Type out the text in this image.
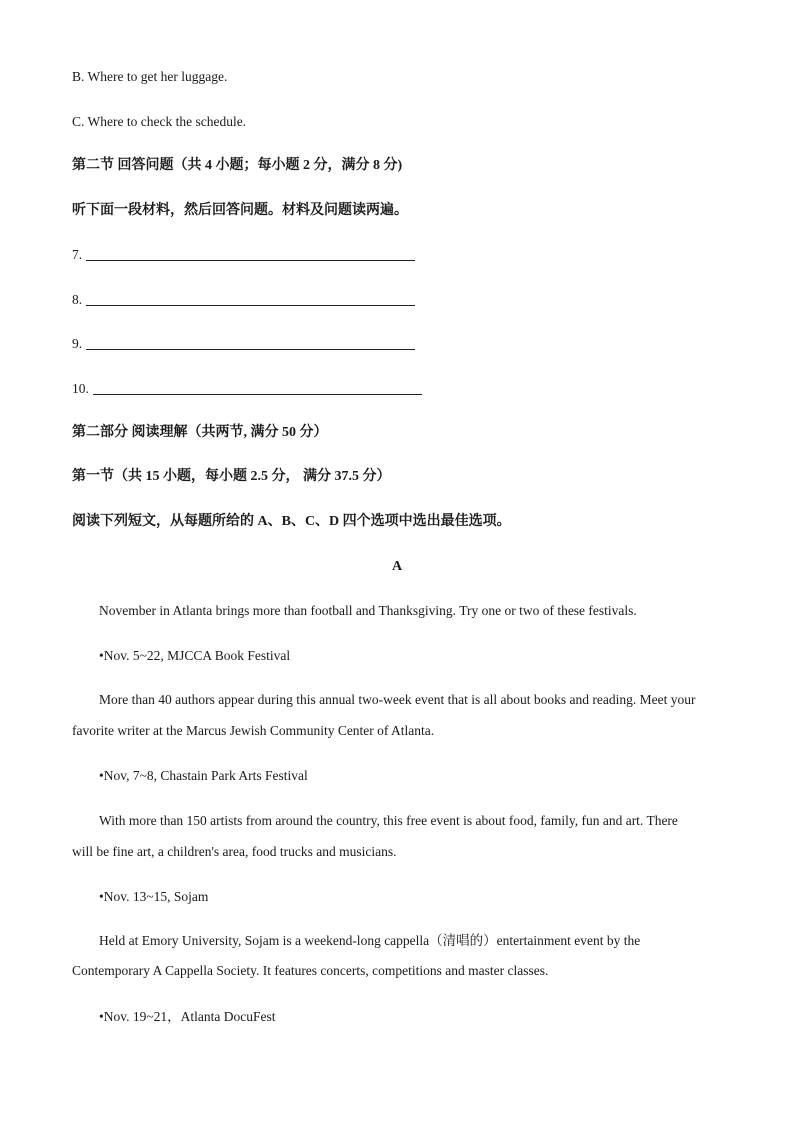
B. Where to get her luggage.
C. Where to check the schedule.
第二节 回答问题（共 4 小题；每小题 2 分，满分 8 分)
听下面一段材料，然后回答问题。材料及问题读两遍。
7.
8.
9.
10.
第二部分 阅读理解（共两节, 满分 50 分）
第一节（共 15 小题，每小题 2.5 分， 满分 37.5 分）
阅读下列短文，从每题所给的 A、B、C、D 四个选项中选出最佳选项。
A
November in Atlanta brings more than football and Thanksgiving. Try one or two of these festivals.
•Nov. 5~22, MJCCA Book Festival
More than 40 authors appear during this annual two-week event that is all about books and reading. Meet your
favorite writer at the Marcus Jewish Community Center of Atlanta.
•Nov, 7~8, Chastain Park Arts Festival
With more than 150 artists from around the country, this free event is about food, family, fun and art. There
will be fine art, a children's area, food trucks and musicians.
•Nov. 13~15, Sojam
Held at Emory University, Sojam is a weekend-long cappella（清唱的）entertainment event by the
Contemporary A Cappella Society. It features concerts, competitions and master classes.
•Nov. 19~21，Atlanta DocuFest
